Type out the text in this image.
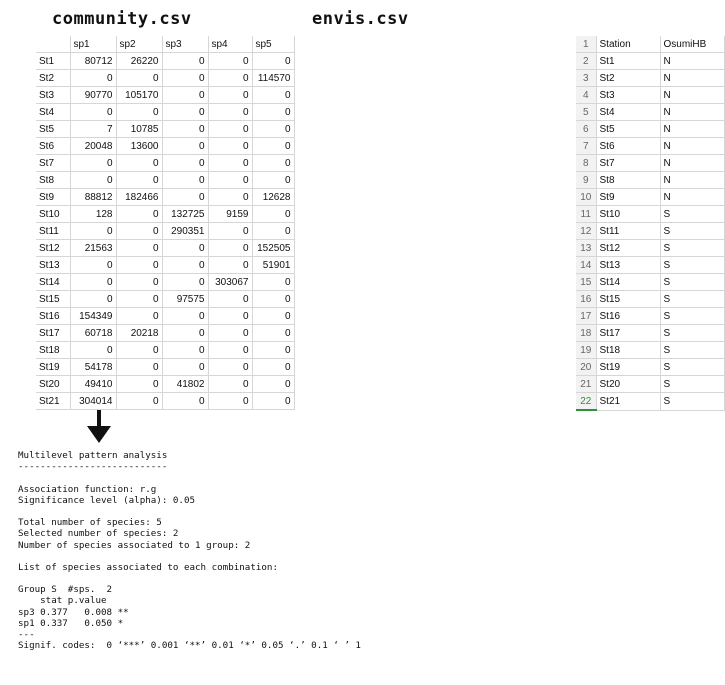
community.csv	envis.csv
	sp1	sp2	sp3	sp4	sp5
St1	80712	26220	0	0	0
St2	0	0	0	0	114570
St3	90770	105170	0	0	0
St4	0	0	0	0	0
St5	7	10785	0	0	0
St6	20048	13600	0	0	0
St7	0	0	0	0	0
St8	0	0	0	0	0
St9	88812	182466	0	0	12628
St10	128	0	132725	9159	0
St11	0	0	290351	0	0
St12	21563	0	0	0	152505
St13	0	0	0	0	51901
St14	0	0	0	303067	0
St15	0	0	97575	0	0
St16	154349	0	0	0	0
St17	60718	20218	0	0	0
St18	0	0	0	0	0
St19	54178	0	0	0	0
St20	49410	0	41802	0	0
St21	304014	0	0	0	0
1	Station	OsumiHB
2	St1	N
3	St2	N
4	St3	N
5	St4	N
6	St5	N
7	St6	N
8	St7	N
9	St8	N
10	St9	N
11	St10	S
12	St11	S
13	St12	S
14	St13	S
15	St14	S
16	St15	S
17	St16	S
18	St17	S
19	St18	S
20	St19	S
21	St20	S
22	St21	S
Multilevel pattern analysis
---------------------------
Association function: r.g
Significance level (alpha): 0.05
Total number of species: 5
Selected number of species: 2
Number of species associated to 1 group: 2
List of species associated to each combination:
Group S  #sps.  2
stat p.value
sp3 0.377   0.008 **
sp1 0.337   0.050 *
---
Signif. codes:  0 ‘***’ 0.001 ‘**’ 0.01 ‘*’ 0.05 ‘.’ 0.1 ‘ ’ 1
